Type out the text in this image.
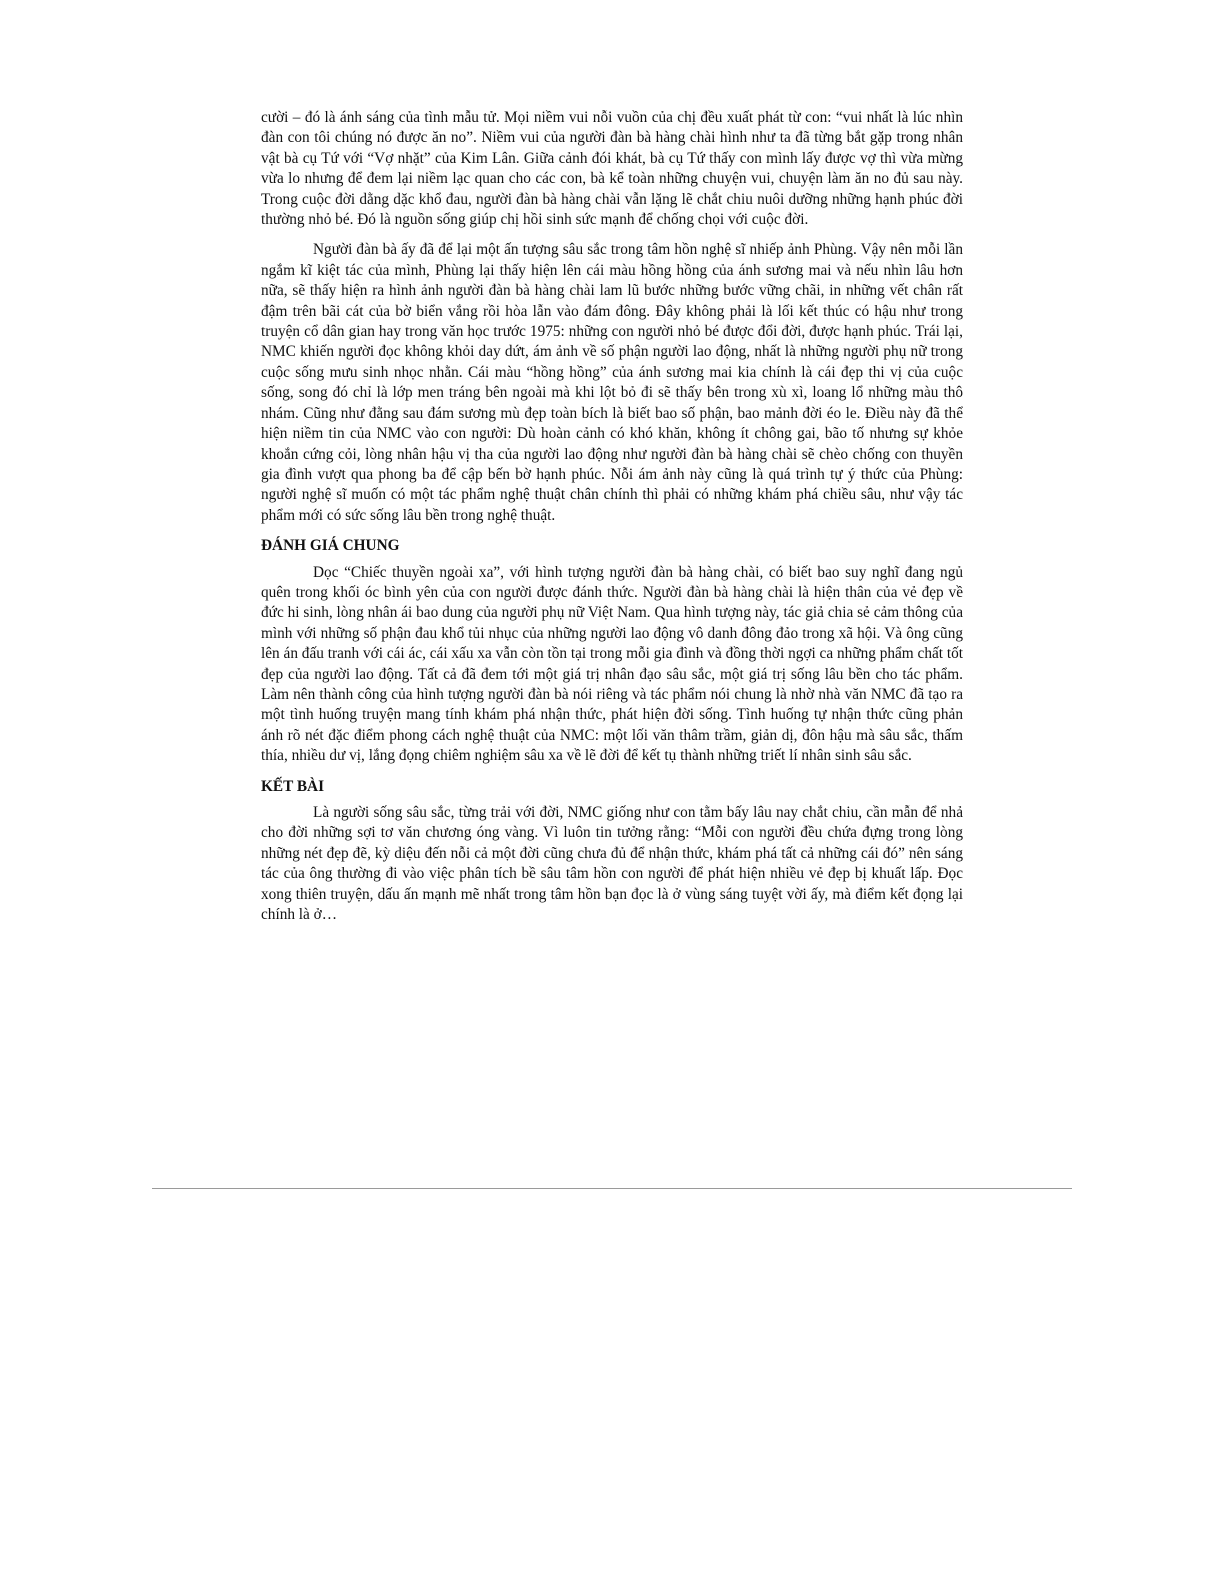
cười – đó là ánh sáng của tình mẫu tử. Mọi niềm vui nỗi vuồn của chị đều xuất phát từ con: “vui nhất là lúc nhìn đàn con tôi chúng nó được ăn no”. Niềm vui của người đàn bà hàng chài hình như ta đã từng bắt gặp trong nhân vật bà cụ Tứ với “Vợ nhặt” của Kim Lân. Giữa cảnh đói khát, bà cụ Tứ thấy con mình lấy được vợ thì vừa mừng vừa lo nhưng để đem lại niềm lạc quan cho các con, bà kể toàn những chuyện vui, chuyện làm ăn no đủ sau này. Trong cuộc đời dằng dặc khổ đau, người đàn bà hàng chài vẫn lặng lẽ chắt chiu nuôi dưỡng những hạnh phúc đời thường nhỏ bé. Đó là nguồn sống giúp chị hồi sinh sức mạnh để chống chọi với cuộc đời.

Người đàn bà ấy đã để lại một ấn tượng sâu sắc trong tâm hồn nghệ sĩ nhiếp ảnh Phùng. Vậy nên mỗi lần ngắm kĩ kiệt tác của mình, Phùng lại thấy hiện lên cái màu hồng hồng của ánh sương mai và nếu nhìn lâu hơn nữa, sẽ thấy hiện ra hình ảnh người đàn bà hàng chài lam lũ bước những bước vững chãi, in những vết chân rất đậm trên bãi cát của bờ biển vắng rồi hòa lẫn vào đám đông. Đây không phải là lối kết thúc có hậu như trong truyện cổ dân gian hay trong văn học trước 1975: những con người nhỏ bé được đổi đời, được hạnh phúc. Trái lại, NMC khiến người đọc không khỏi day dứt, ám ảnh về số phận người lao động, nhất là những người phụ nữ trong cuộc sống mưu sinh nhọc nhằn. Cái màu “hồng hồng” của ánh sương mai kia chính là cái đẹp thi vị của cuộc sống, song đó chỉ là lớp men tráng bên ngoài mà khi lột bỏ đi sẽ thấy bên trong xù xì, loang lổ những màu thô nhám. Cũng như đằng sau đám sương mù đẹp toàn bích là biết bao số phận, bao mảnh đời éo le. Điều này đã thể hiện niềm tin của NMC vào con người: Dù hoàn cảnh có khó khăn, không ít chông gai, bão tố nhưng sự khỏe khoắn cứng cỏi, lòng nhân hậu vị tha của người lao động như người đàn bà hàng chài sẽ chèo chống con thuyền gia đình vượt qua phong ba để cập bến bờ hạnh phúc. Nỗi ám ảnh này cũng là quá trình tự ý thức của Phùng: người nghệ sĩ muốn có một tác phẩm nghệ thuật chân chính thì phải có những khám phá chiều sâu, như vậy tác phẩm mới có sức sống lâu bền trong nghệ thuật.

ĐÁNH GIÁ CHUNG

Dọc “Chiếc thuyền ngoài xa”, với hình tượng người đàn bà hàng chài, có biết bao suy nghĩ đang ngủ quên trong khối óc bình yên của con người được đánh thức. Người đàn bà hàng chài là hiện thân của vẻ đẹp về đức hi sinh, lòng nhân ái bao dung của người phụ nữ Việt Nam. Qua hình tượng này, tác giả chia sẻ cảm thông của mình với những số phận đau khổ tủi nhục của những người lao động vô danh đông đảo trong xã hội. Và ông cũng lên án đấu tranh với cái ác, cái xấu xa vẫn còn tồn tại trong mỗi gia đình và đồng thời ngợi ca những phẩm chất tốt đẹp của người lao động. Tất cả đã đem tới một giá trị nhân đạo sâu sắc, một giá trị sống lâu bền cho tác phẩm. Làm nên thành công của hình tượng người đàn bà nói riêng và tác phẩm nói chung là nhờ nhà văn NMC đã tạo ra một tình huống truyện mang tính khám phá nhận thức, phát hiện đời sống. Tình huống tự nhận thức cũng phản ánh rõ nét đặc điểm phong cách nghệ thuật của NMC: một lối văn thâm trầm, giản dị, đôn hậu mà sâu sắc, thấm thía, nhiều dư vị, lắng đọng chiêm nghiệm sâu xa về lẽ đời để kết tụ thành những triết lí nhân sinh sâu sắc.

KẾT BÀI

Là người sống sâu sắc, từng trải với đời, NMC giống như con tằm bấy lâu nay chắt chiu, cần mẫn để nhả cho đời những sợi tơ văn chương óng vàng. Vì luôn tin tưởng rằng: “Mỗi con người đều chứa đựng trong lòng những nét đẹp đẽ, kỳ diệu đến nỗi cả một đời cũng chưa đủ để nhận thức, khám phá tất cả những cái đó” nên sáng tác của ông thường đi vào việc phân tích bề sâu tâm hồn con người để phát hiện nhiều vẻ đẹp bị khuất lấp. Đọc xong thiên truyện, dấu ấn mạnh mẽ nhất trong tâm hồn bạn đọc là ở vùng sáng tuyệt vời ấy, mà điểm kết đọng lại chính là ở…
